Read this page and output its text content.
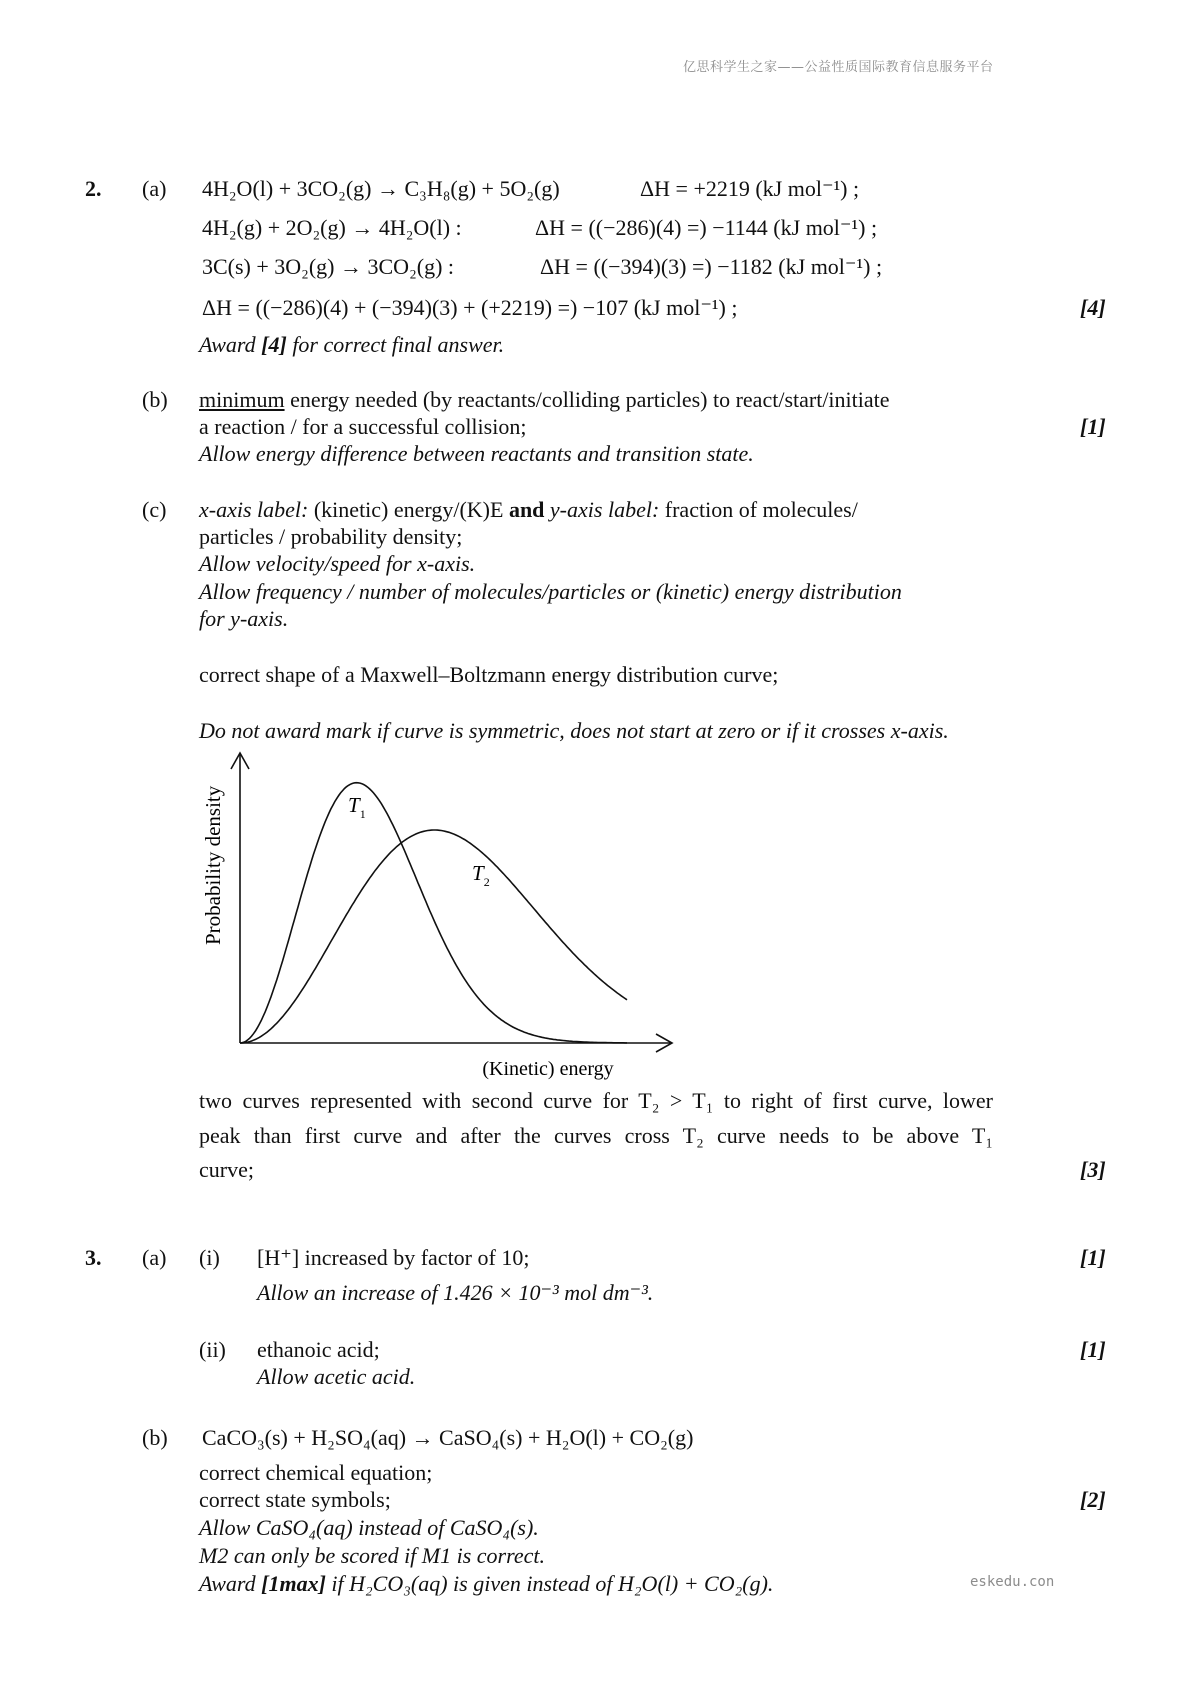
亿思科学生之家——公益性质国际教育信息服务平台
eskedu.con
2. (a) 4H₂O(l) + 3CO₂(g) → C₃H₈(g) + 5O₂(g)	ΔH = +2219 (kJ mol⁻¹) ;
4H₂(g) + 2O₂(g) → 4H₂O(l) :	ΔH = ((−286)(4) =) −1144 (kJ mol⁻¹) ;
3C(s) + 3O₂(g) → 3CO₂(g) :	ΔH = ((−394)(3) =) −1182 (kJ mol⁻¹) ;
ΔH = ((−286)(4) + (−394)(3) + (+2219) =) −107 (kJ mol⁻¹) ;	[4]
Award [4] for correct final answer.
(b) minimum energy needed (by reactants/colliding particles) to react/start/initiate
a reaction / for a successful collision;	[1]
Allow energy difference between reactants and transition state.
(c) x-axis label: (kinetic) energy/(K)E and y-axis label: fraction of molecules/
particles / probability density;
Allow velocity/speed for x-axis.
Allow frequency / number of molecules/particles or (kinetic) energy distribution
for y-axis.
correct shape of a Maxwell–Boltzmann energy distribution curve;
Do not award mark if curve is symmetric, does not start at zero or if it crosses x-axis.
$T_1$
$T_2$
Probability density
(Kinetic) energy
two curves represented with second curve for T₂ > T₁ to right of first curve, lower
peak than first curve and after the curves cross T₂ curve needs to be above T₁
curve;	[3]
3. (a) (i) [H⁺] increased by factor of 10;	[1]
Allow an increase of 1.426 × 10⁻³ mol dm⁻³.
(ii) ethanoic acid;	[1]
Allow acetic acid.
(b) CaCO₃(s) + H₂SO₄(aq) → CaSO₄(s) + H₂O(l) + CO₂(g)
correct chemical equation;
correct state symbols;	[2]
Allow CaSO₄(aq) instead of CaSO₄(s).
M2 can only be scored if M1 is correct.
Award [1max] if H₂CO₃(aq) is given instead of H₂O(l) + CO₂(g).
